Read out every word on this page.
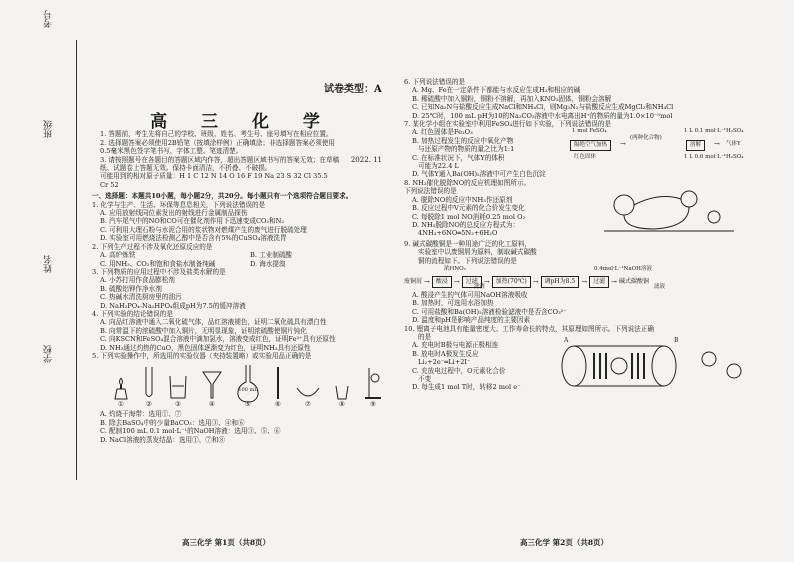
学校
姓名
班级
考号
试卷类型：A
高 三 化 学
2022. 11
1. 答题前，考生先将自己的学校、班级、姓名、考生号、座号填写在相应位置。
2. 选择题答案必须使用2B铅笔（按填涂样例）正确填涂；非选择题答案必须使用
0.5毫米黑色签字笔书写，字体工整、笔迹清楚。
3. 请按照题号在各题目的答题区域内作答，超出答题区域书写的答案无效；在草稿
纸、试题卷上答题无效。保持卡面清洁，不折叠、不破损。
可能用到的相对原子质量：H 1 C 12 N 14 O 16 F 19 Na 23 S 32 Cl 35.5
Cr 52
一、选择题：本题共10小题，每小题2分，共20分。每小题只有一个选项符合题目要求。
1. 化学与生产、生活、环保等息息相关，下列说法错误的是
A. 应用放射线同位素发出的射线进行金属制品探伤
B. 汽车尾气中的NO和CO可在催化剂作用下迅速变成CO₂和N₂
C. 可利用大理石粉与水泥合用的浆状物对燃煤产生的废气进行脱硫处理
D. 实验室可用燃烧法检测乙醇中是否含有5%的CuSO₄溶液洗胃
2. 下列生产过程不涉及氧化还原反应的是
A. 高炉炼铁	B. 工业制硫酸
C. 用NH₃、CO₂和饱和食盐水制备纯碱	D. 海水提溴
3. 下列物质的应用过程中不涉及盐类水解的是
A. 小苏打用作食品膨松剂
B. 硫酸铝钾作净水剂
C. 热碱水清洗厨房里的油污
D. NaH₂PO₄-Na₂HPO₄组成pH为7.5的缓冲溶液
4. 下列实验的结论错误的是
A. 向品红溶液中通入二氧化硫气体，品红溶液褪色，证明二氧化硫具有漂白性
B. 向常温下的浓硫酸中加入铜片，无明显现象，证明浓硫酸使铜片钝化
C. 向KSCN和FeSO₄混合溶液中滴加氯水，溶液变成红色，证明Fe²⁺具有还原性
D. NH₃通过灼热的CuO，黑色固体逐渐变为红色，证明NH₃具有还原性
5. 下列实验操作中，所选用的实验仪器（夹持装置略）或实验用品正确的是
①	②	③	④
100 mL
⑤	⑥	⑦	⑧	⑨
A. 灼烧干海带：选用①、⑦
B. 除去BaSO₄中的少量BaCO₃：选用③、④和⑥
C. 配制100 mL 0.1 mol·L⁻¹的NaOH溶液：选用③、⑤、⑥
D. NaCl溶液的蒸发结晶：选用①、⑦和⑧
6. 下列说法错误的是
A. Mg、Fe在一定条件下都能与水反应生成H₂和相应的碱
B. 稀硫酸中加入铜粉，铜粉不溶解，再加入KNO₃固体，铜粉会溶解
C. 已知Na₂N与盐酸反应生成NaCl和NH₄Cl，则Mg₃N₂与盐酸反应生成MgCl₂和NH₄Cl
D. 25℃时，100 mL pH为10的Na₂CO₃溶液中水电离出H⁺的物质的量为1.0×10⁻⁵mol
7. 某化学小组在实验室中利用FeSO₄进行如下实验，下列说法错误的是
A. 红色固体是Fe₂O₃
B. 加热过程发生的反应中氧化产物
与还原产物的物质的量之比为1:1
C. 在标准状况下，气体Y的体积
可能为22.4 L
1 mol FeSO₄	1 L 0.1 mol·L⁻¹H₂SO₄
隔绝空气加热	→
(两种化合物)
溶解	→ 气体Y
红色固体	1 L 0.6 mol·L⁻¹H₂SO₄
D. 气体Y通入Ba(OH)₂溶液中可产生白色沉淀
8. NH₃催化脱除NO的反应机理如图所示。
下列说法错误的是
A. 脱除NO的反应中NH₃作还原剂
B. 反应过程中V元素的化合价发生变化
C. 每脱除1 mol NO消耗0.25 mol O₂
D. NH₃脱除NO的总反应方程式为：
4NH₃+6NO═5N₂+6H₂O
9. 碱式碳酸铜是一种用途广泛的化工原料，
实验室中以废铜屑为原料，制取碱式碳酸
铜的流程如下。下列说法错误的是
浓HNO₃	0.4mol·L⁻¹NaOH溶液
废铜屑 →	酸浸 →	过滤 →	加热(70℃) →	调pH为8.5 →	过滤 → 碱式碳酸铜
滤渣	滤液
A. 酸浸产生的气体可用NaOH溶液吸收
B. 加热时，可选用水浴加热
C. 可用盐酸和Ba(OH)₂溶液检验滤液中是否含CO₃²⁻
D. 温度和pH是影响产品纯度的主要因素
10. 锂离子电池具有能量密度大、工作寿命长的特点，其原理如图所示。下列说法正确
的是
A. 充电时B极与电源正极相连
B. 放电时A极发生反应
Li₂+2e⁻═Li+2I⁻
C. 充放电过程中，O元素化合价
不变
D. 每生成1 mol T时，转移2 mol e⁻
A	B
高三化学 第1页（共8页）	高三化学 第2页（共8页）
